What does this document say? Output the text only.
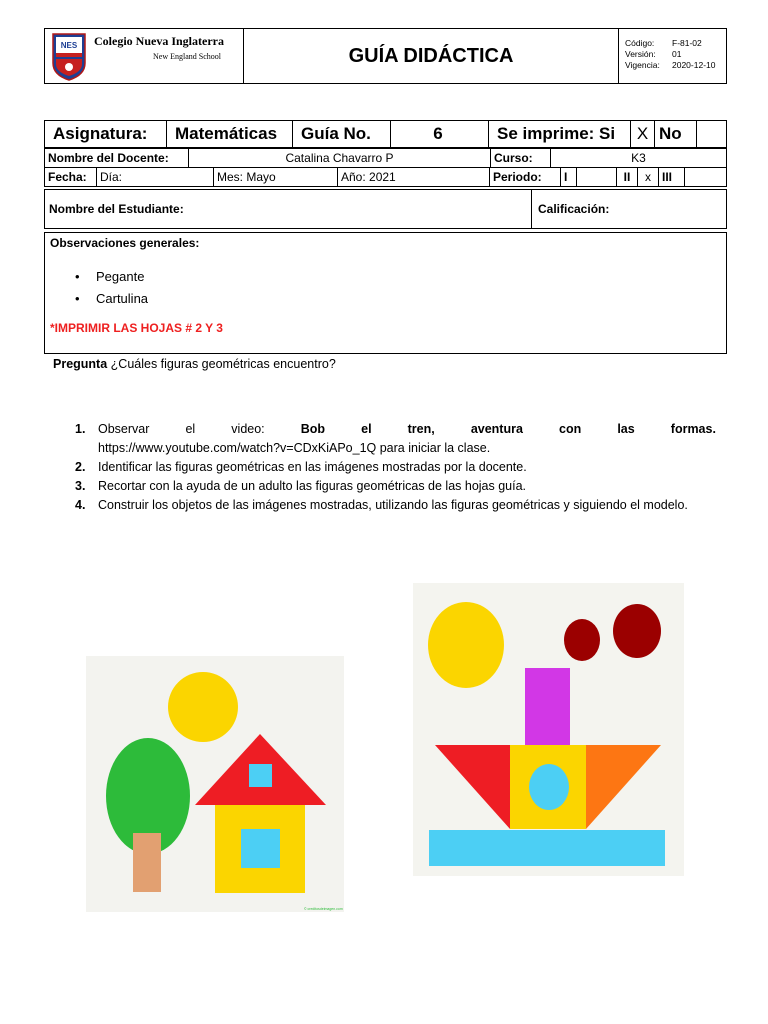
NES Colegio Nueva Inglaterra
New England School	GUÍA DIDÁCTICA
Código:	F-81-02
Versión:	01
Vigencia:	2020-12-10
Asignatura:	Matemáticas	Guía No.	6	Se imprime: Si	X	No	
Nombre del Docente:	Catalina Chavarro P	Curso:	K3
Fecha:	Día:	Mes: Mayo	Año: 2021	Periodo:	I		II	x	III	
Nombre del Estudiante:	Calificación:
Observaciones generales:
• Pegante
• Cartulina
*IMPRIMIR LAS HOJAS # 2 Y 3
Pregunta ¿Cuáles figuras geométricas encuentro?
1.	Observar	el	video:	Bob	el	tren,	aventura	con	las	formas.
https://www.youtube.com/watch?v=CDxKiAPo_1Q para iniciar la clase.
2.	Identificar las figuras geométricas en las imágenes mostradas por la docente.
3.	Recortar con la ayuda de un adulto las figuras geométricas de las hojas guía.
4.	Construir los objetos de las imágenes mostradas, utilizando las figuras geométricas y siguiendo el modelo.
© creditosdeimagen.com
